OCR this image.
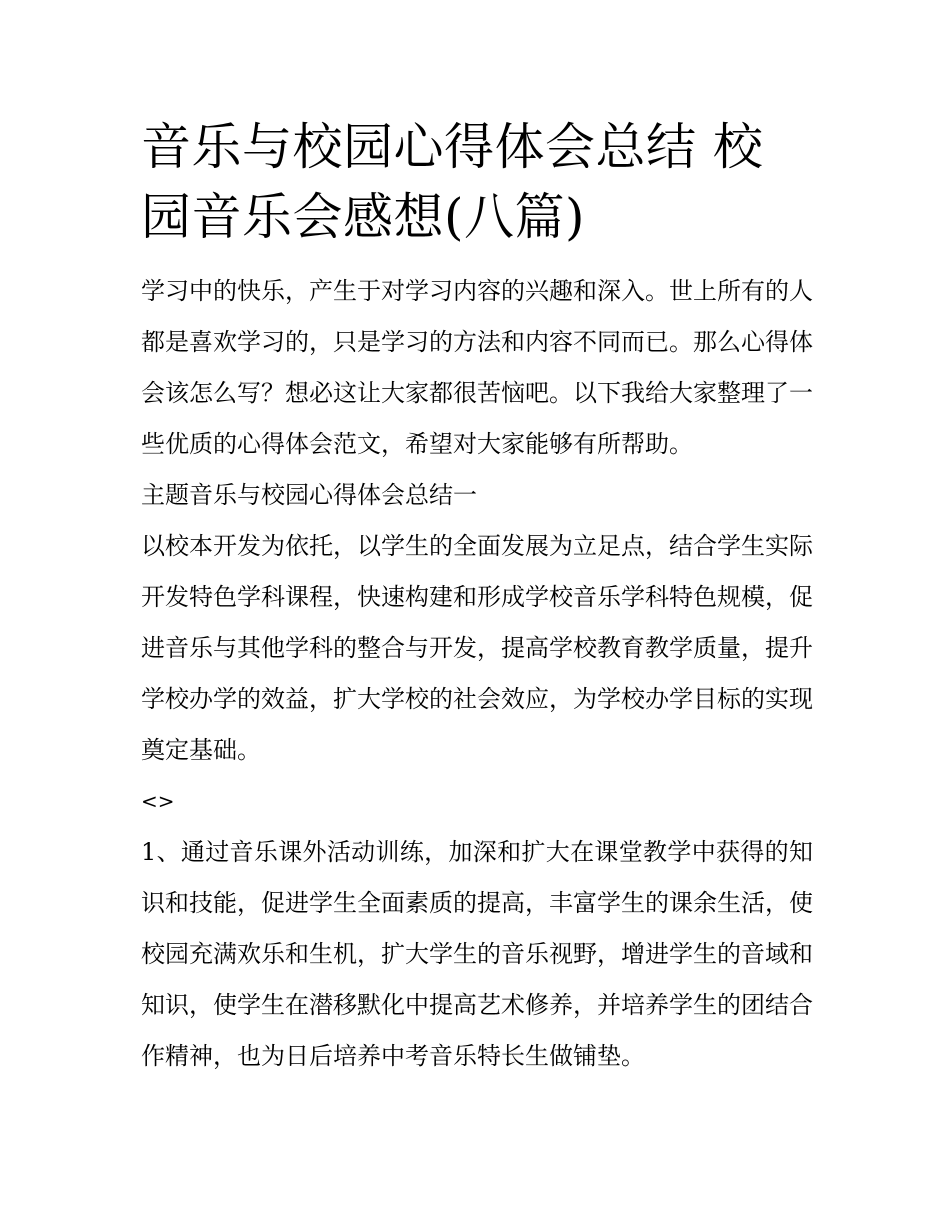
音乐与校园心得体会总结 校园音乐会感想(八篇)

学习中的快乐，产生于对学习内容的兴趣和深入。世上所有的人都是喜欢学习的，只是学习的方法和内容不同而已。那么心得体会该怎么写？想必这让大家都很苦恼吧。以下我给大家整理了一些优质的心得体会范文，希望对大家能够有所帮助。

主题音乐与校园心得体会总结一

以校本开发为依托，以学生的全面发展为立足点，结合学生实际开发特色学科课程，快速构建和形成学校音乐学科特色规模，促进音乐与其他学科的整合与开发，提高学校教育教学质量，提升学校办学的效益，扩大学校的社会效应，为学校办学目标的实现奠定基础。

<>

1、通过音乐课外活动训练，加深和扩大在课堂教学中获得的知识和技能，促进学生全面素质的提高，丰富学生的课余生活，使校园充满欢乐和生机，扩大学生的音乐视野，增进学生的音域和知识，使学生在潜移默化中提高艺术修养，并培养学生的团结合作精神，也为日后培养中考音乐特长生做铺垫。
